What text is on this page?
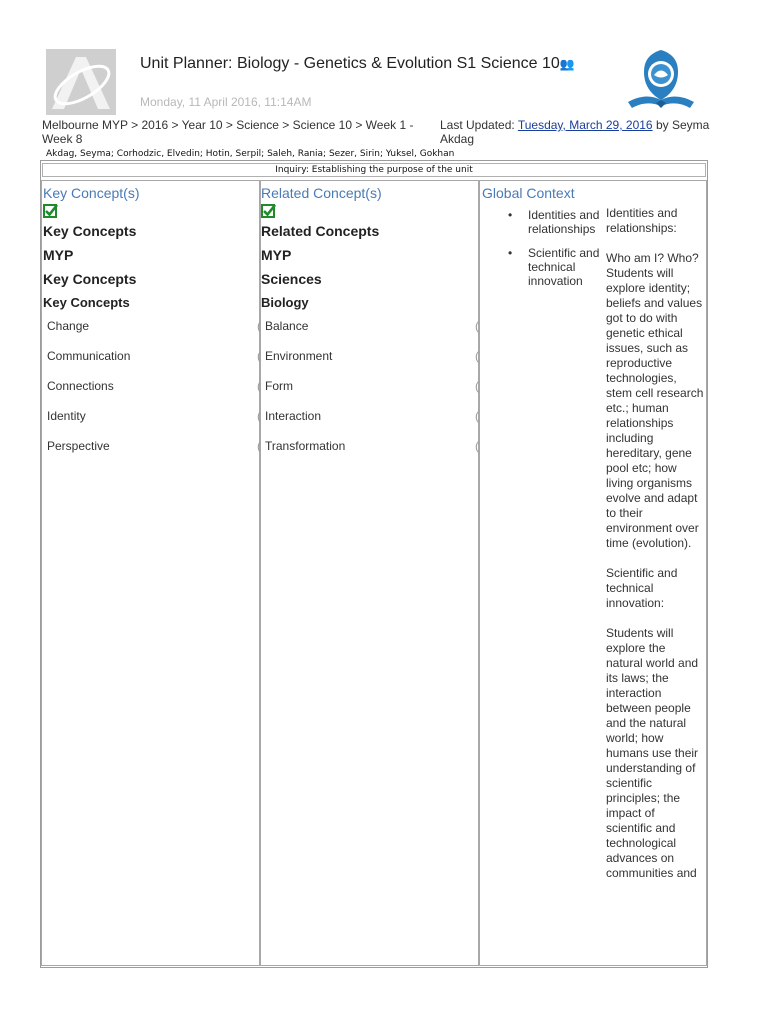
Unit Planner: Biology - Genetics & Evolution S1 Science 10👥
Monday, 11 April 2016, 11:14AM
Melbourne MYP > 2016 > Year 10 > Science > Science 10 > Week 1 - Week 8
Last Updated: Tuesday, March 29, 2016 by Seyma Akdag
Akdag, Seyma; Corhodzic, Elvedin; Hotin, Serpil; Saleh, Rania; Sezer, Sirin; Yuksel, Gokhan
Inquiry: Establishing the purpose of the unit
Key Concept(s)
Key Concepts
MYP
Key Concepts
Key Concepts
Change	(
Communication	(
Connections	(
Identity	(
Perspective	(
Related Concept(s)
Related Concepts
MYP
Sciences
Biology
Balance	(
Environment	(
Form	(
Interaction	(
Transformation	(
Global Context
• Identities and relationships
• Scientific and technical innovation
Identities and relationships:
Who am I? Who? Students will explore identity; beliefs and values got to do with genetic ethical issues, such as reproductive technologies, stem cell research etc.; human relationships including hereditary, gene pool etc; how living organisms evolve and adapt to their environment over time (evolution).
Scientific and technical innovation:
Students will explore the natural world and its laws; the interaction between people and the natural world; how humans use their understanding of scientific principles; the impact of scientific and technological advances on communities and
